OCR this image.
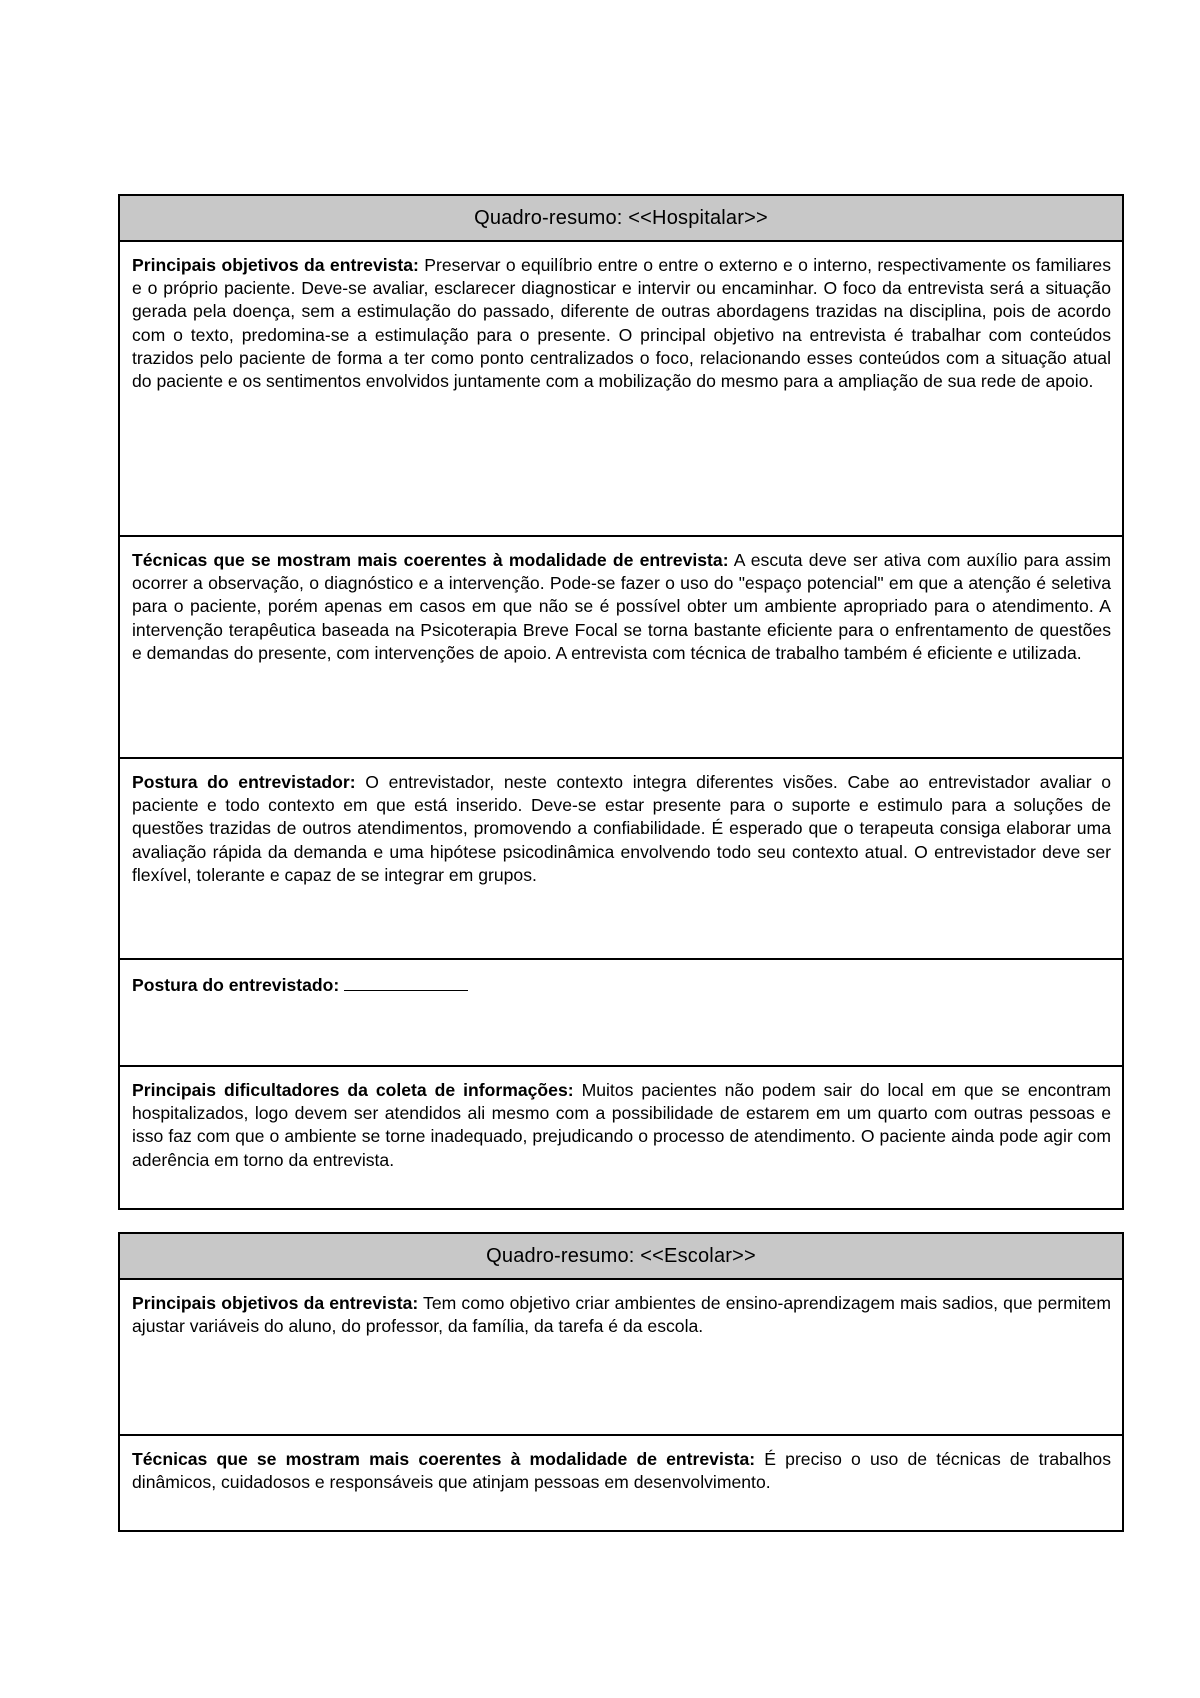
Quadro-resumo: <<Hospitalar>>
Principais objetivos da entrevista: Preservar o equilíbrio entre o entre o externo e o interno, respectivamente os familiares e o próprio paciente. Deve-se avaliar, esclarecer diagnosticar e intervir ou encaminhar. O foco da entrevista será a situação gerada pela doença, sem a estimulação do passado, diferente de outras abordagens trazidas na disciplina, pois de acordo com o texto, predomina-se a estimulação para o presente. O principal objetivo na entrevista é trabalhar com conteúdos trazidos pelo paciente de forma a ter como ponto centralizados o foco, relacionando esses conteúdos com a situação atual do paciente e os sentimentos envolvidos juntamente com a mobilização do mesmo para a ampliação de sua rede de apoio.
Técnicas que se mostram mais coerentes à modalidade de entrevista: A escuta deve ser ativa com auxílio para assim ocorrer a observação, o diagnóstico e a intervenção. Pode-se fazer o uso do "espaço potencial" em que a atenção é seletiva para o paciente, porém apenas em casos em que não se é possível obter um ambiente apropriado para o atendimento. A intervenção terapêutica baseada na Psicoterapia Breve Focal se torna bastante eficiente para o enfrentamento de questões e demandas do presente, com intervenções de apoio. A entrevista com técnica de trabalho também é eficiente e utilizada.
Postura do entrevistador: O entrevistador, neste contexto integra diferentes visões. Cabe ao entrevistador avaliar o paciente e todo contexto em que está inserido. Deve-se estar presente para o suporte e estimulo para a soluções de questões trazidas de outros atendimentos, promovendo a confiabilidade. É esperado que o terapeuta consiga elaborar uma avaliação rápida da demanda e uma hipótese psicodinâmica envolvendo todo seu contexto atual. O entrevistador deve ser flexível, tolerante e capaz de se integrar em grupos.
Postura do entrevistado:
Principais dificultadores da coleta de informações: Muitos pacientes não podem sair do local em que se encontram hospitalizados, logo devem ser atendidos ali mesmo com a possibilidade de estarem em um quarto com outras pessoas e isso faz com que o ambiente se torne inadequado, prejudicando o processo de atendimento. O paciente ainda pode agir com aderência em torno da entrevista.
Quadro-resumo: <<Escolar>>
Principais objetivos da entrevista: Tem como objetivo criar ambientes de ensino-aprendizagem mais sadios, que permitem ajustar variáveis do aluno, do professor, da família, da tarefa é da escola.
Técnicas que se mostram mais coerentes à modalidade de entrevista: É preciso o uso de técnicas de trabalhos dinâmicos, cuidadosos e responsáveis que atinjam pessoas em desenvolvimento.
